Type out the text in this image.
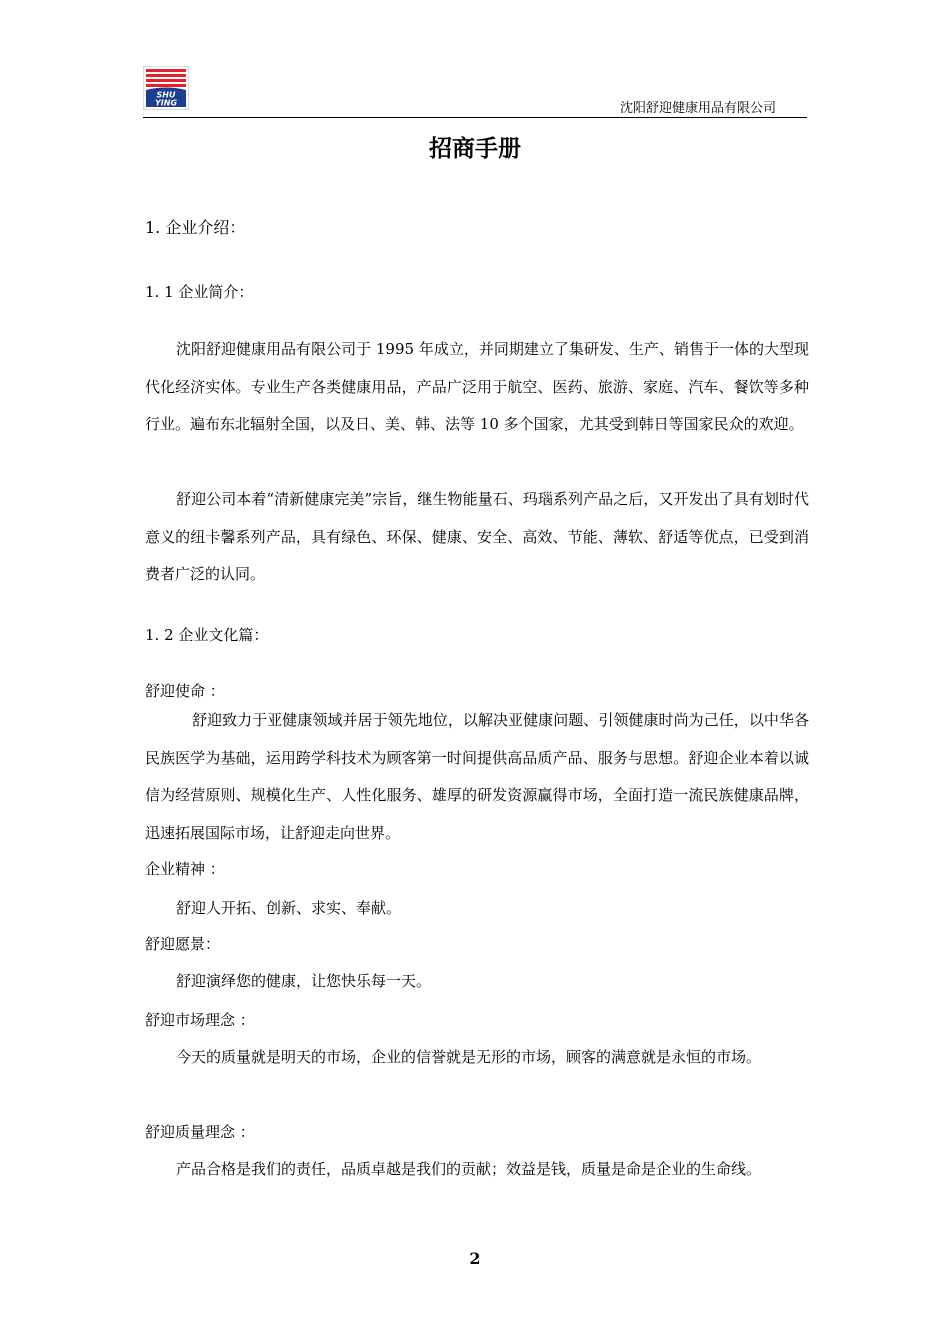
SHU
YING	沈阳舒迎健康用品有限公司
招商手册
1. 企业介绍：
1. 1 企业简介：

沈阳舒迎健康用品有限公司于 1995 年成立，并同期建立了集研发、生产、销售于一体的大型现代化经济实体。专业生产各类健康用品，产品广泛用于航空、医药、旅游、家庭、汽车、餐饮等多种行业。遍布东北辐射全国，以及日、美、韩、法等 10 多个国家，尤其受到韩日等国家民众的欢迎。

舒迎公司本着“清新健康完美”宗旨，继生物能量石、玛瑙系列产品之后，又开发出了具有划时代意义的纽卡馨系列产品，具有绿色、环保、健康、安全、高效、节能、薄软、舒适等优点，已受到消费者广泛的认同。

1. 2 企业文化篇：
舒迎使命 ：

舒迎致力于亚健康领域并居于领先地位，以解决亚健康问题、引领健康时尚为己任，以中华各民族医学为基础，运用跨学科技术为顾客第一时间提供高品质产品、服务与思想。舒迎企业本着以诚信为经营原则、规模化生产、人性化服务、雄厚的研发资源赢得市场，全面打造一流民族健康品牌，迅速拓展国际市场，让舒迎走向世界。

企业精神 ：
舒迎人开拓、创新、求实、奉献。
舒迎愿景：
舒迎演绎您的健康，让您快乐每一天。
舒迎市场理念 ：

今天的质量就是明天的市场，企业的信誉就是无形的市场，顾客的满意就是永恒的市场。

舒迎质量理念 ：
产品合格是我们的责任，品质卓越是我们的贡献；效益是钱，质量是命是企业的生命线。
2
